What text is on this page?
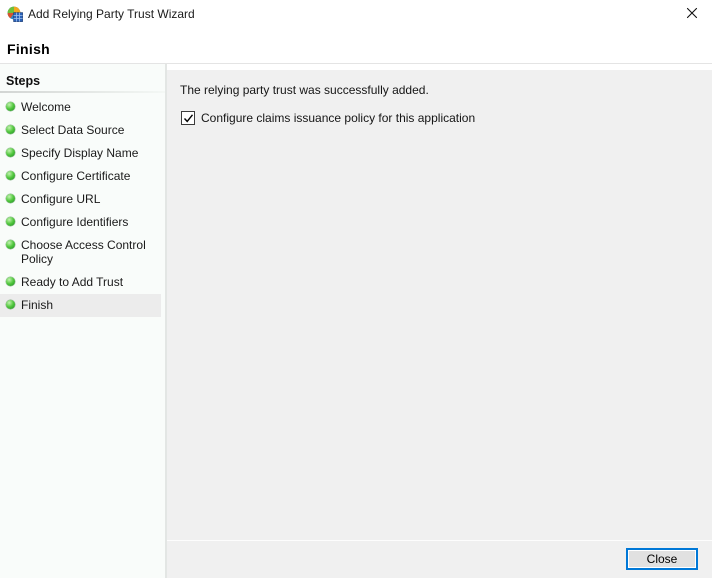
Add Relying Party Trust Wizard
Finish
Steps
Welcome
Select Data Source
Specify Display Name
Configure Certificate
Configure URL
Configure Identifiers
Choose Access Control Policy
Ready to Add Trust
Finish
The relying party trust was successfully added.
Configure claims issuance policy for this application
Close
